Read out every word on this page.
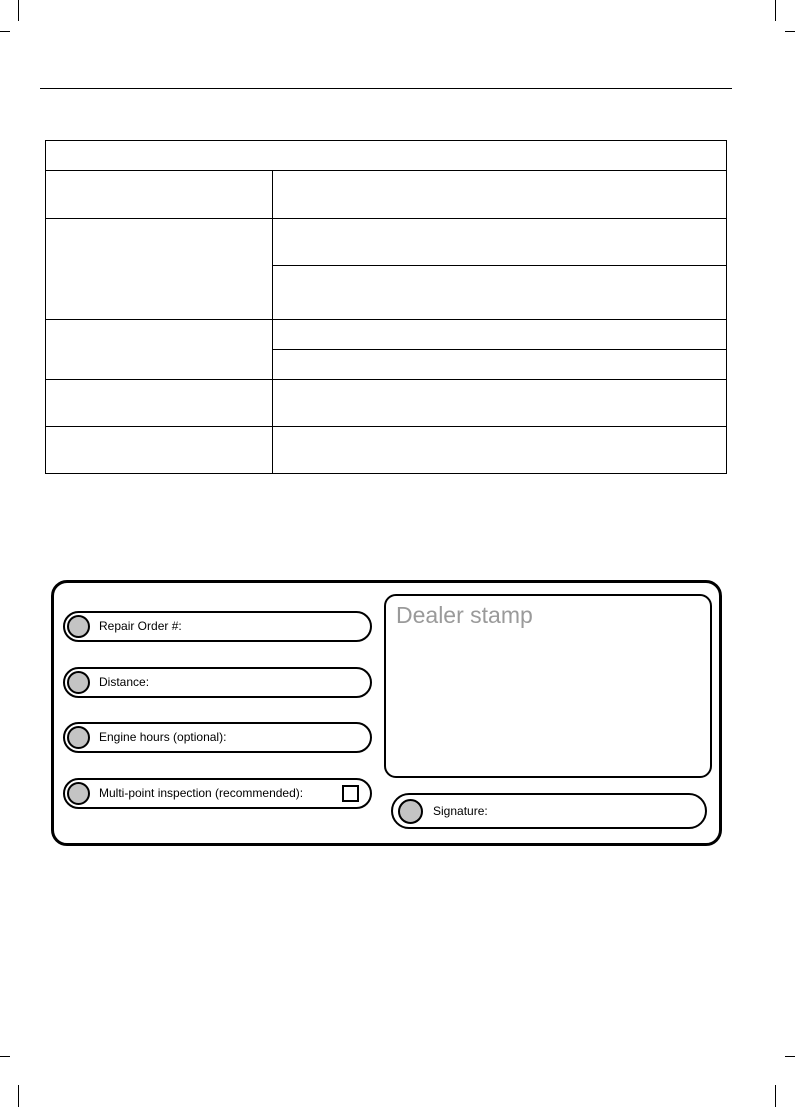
Repair Order #:
Distance:
Engine hours (optional):
Multi-point inspection (recommended):
Dealer stamp
Signature:
